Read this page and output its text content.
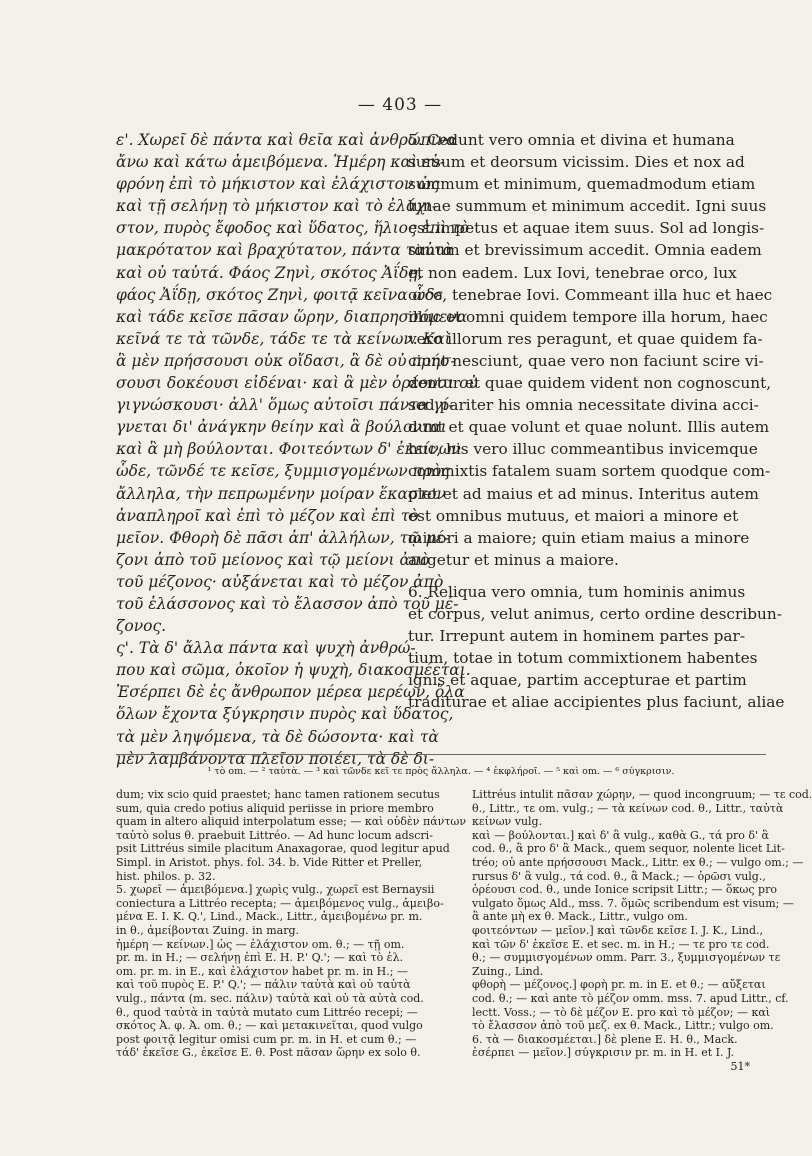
— 403 —
ε'. Χωρεῖ δὲ πάντα καὶ θεῖα καὶ ἀνθρώπινα
ἄνω καὶ κάτω ἀμειβόμενα. Ἡμέρη καὶ εὐ-
φρόνη ἐπὶ τὸ μήκιστον καὶ ἐλάχιστον ὡς
καὶ τῇ σελήνῃ τὸ μήκιστον καὶ τὸ ἐλάχι-
στον, πυρὸς ἔφοδος καὶ ὕδατος, ἥλιος ἐπὶ τὸ
μακρότατον καὶ βραχύτατον, πάντα ταὐτὰ
καὶ οὐ ταὐτά. Φάος Ζηνὶ, σκότος Ἀΐδῃ,
φάος Ἀΐδῃ, σκότος Ζηνὶ, φοιτᾷ κεῖνα ὧδε
καὶ τάδε κεῖσε πᾶσαν ὥρην, διαπρησσόμενα
κεῖνά τε τὰ τῶνδε, τάδε τε τὰ κείνων. Καὶ
ἃ μὲν πρήσσουσι οὐκ οἴδασι, ἃ δὲ οὐ πρήσ-
σουσι δοκέουσι εἰδέναι· καὶ ἃ μὲν ὁρέουσι οὐ
γιγνώσκουσι· ἀλλ' ὅμως αὐτοῖσι πάντα γί-
γνεται δι' ἀνάγκην θείην καὶ ἃ βούλονται
καὶ ἃ μὴ βούλονται. Φοιτεόντων δ' ἐκείνων
ὧδε, τῶνδέ τε κεῖσε, ξυμμισγομένων πρὸς
ἄλληλα, τὴν πεπρωμένην μοίραν ἕκαστον
ἀναπληροῖ καὶ ἐπὶ τὸ μέζον καὶ ἐπὶ τὸ
μεῖον. Φθορὴ δὲ πᾶσι ἀπ' ἀλλήλων, τῷ μέ-
ζονι ἀπὸ τοῦ μείονος καὶ τῷ μείονι ἀπὸ
τοῦ μέζονος· αὐξάνεται καὶ τὸ μέζον ἀπὸ
τοῦ ἐλάσσονος καὶ τὸ ἔλασσον ἀπὸ τοῦ μέ-
ζονος.
ς'. Τὰ δ' ἄλλα πάντα καὶ ψυχὴ ἀνθρώ-
που καὶ σῶμα, ὁκοῖον ἡ ψυχὴ, διακοσμέεται.
Ἐσέρπει δὲ ἐς ἄνθρωπον μέρεα μερέων, ὅλα
ὅλων ἔχοντα ξύγκρησιν πυρὸς καὶ ὕδατος,
τὰ μὲν ληψόμενα, τὰ δὲ δώσοντα· καὶ τὰ
μὲν λαμβάνοντα πλεῖον ποιέει, τὰ δὲ δι-
5. Cedunt vero omnia et divina et humana
sursum et deorsum vicissim. Dies et nox ad
summum et minimum, quemadmodum etiam
lunae summum et minimum accedit. Igni suus
est impetus et aquae item suus. Sol ad longis-
simum et brevissimum accedit. Omnia eadem
et non eadem. Lux Iovi, tenebrae orco, lux
orco, tenebrae Iovi. Commeant illa huc et haec
illuc et omni quidem tempore illa horum, haec
vero illorum res peragunt, et quae quidem fa-
ciunt nesciunt, quae vero non faciunt scire vi-
dentur et quae quidem vident non cognoscunt,
sed pariter his omnia necessitate divina acci-
dunt et quae volunt et quae nolunt. Illis autem
huc, his vero illuc commeantibus invicemque
commixtis fatalem suam sortem quodque com-
plet et ad maius et ad minus. Interitus autem
est omnibus mutuus, et maiori a minore et
minori a maiore; quin etiam maius a minore
augetur et minus a maiore.
6. Reliqua vero omnia, tum hominis animus
et corpus, velut animus, certo ordine describun-
tur. Irrepunt autem in hominem partes par-
tium, totae in totum commixtionem habentes
ignis et aquae, partim accepturae et partim
traditurae et aliae accipientes plus faciunt, aliae
¹ τὸ om. — ² ταὐτὰ. — ³ καὶ τῶνδε κεῖ τε πρὸς ἄλληλα. — ⁴ ἐκφλήροῖ. — ⁵ καὶ om. — ⁶ σύγκρισιν.
dum; vix scio quid praestet; hanc tamen rationem secutus
sum, quia credo potius aliquid periisse in priore membro
quam in altero aliquid interpolatum esse; — καὶ οὐδὲν πάντων
ταὐτὸ solus θ. praebuit Littréo. — Ad hunc locum adscri-
psit Littréus simile placitum Anaxagorae, quod legitur apud
Simpl. in Aristot. phys. fol. 34. b. Vide Ritter et Preller,
hist. philos. p. 32.
5. χωρεῖ — ἀμειβόμενα.] χωρὶς vulg., χωρεῖ est Bernaysii
coniectura a Littréo recepta; — ἀμειβόμενος vulg., ἀμειβο-
μένα E. I. K. Q.', Lind., Mack., Littr., ἀμειβομένω pr. m.
in θ., ἀμείβονται Zuing. in marg.
ἡμέρη — κείνων.] ὡς — ἐλάχιστον om. θ.; — τῇ om.
pr. m. in H.; — σελήνῃ ἐπὶ E. H. P.' Q.'; — καὶ τὸ ἐλ.
om. pr. m. in E., καὶ ἐλάχιστον habet pr. m. in H.; —
καὶ τοῦ πυρὸς E. P.' Q.'; — πάλιν ταὐτὰ καὶ οὐ ταὐτὰ
vulg., πάντα (m. sec. πάλιν) ταὐτὰ καὶ οὐ τὰ αὐτὰ cod.
θ., quod ταὐτὰ in ταὐτὰ mutato cum Littréo recepi; —
σκότος Ἀ. φ. Ἀ. om. θ.; — καὶ μετακινεῖται, quod vulgo
post φοιτᾷ legitur omisi cum pr. m. in H. et cum θ.; —
τάδ' ἐκεῖσε G., ἐκεῖσε E. θ. Post πᾶσαν ὥρην ex solo θ.
Littréus intulit πᾶσαν χώρην, — quod incongruum; — τε cod.
θ., Littr., τε om. vulg.; — τὰ κείνων cod. θ., Littr., ταὐτὰ
κείνων vulg.
καὶ — βούλονται.] καὶ δ' ἃ vulg., καθὰ G., τά pro δ' ἃ
cod. θ., ἃ pro δ' ἃ Mack., quem sequor, nolente licet Lit-
tréo; οὐ ante πρήσσουσι Mack., Littr. ex θ.; — vulgo om.; —
rursus δ' ἃ vulg., τά cod. θ., ἃ Mack.; — ὁρῶσι vulg.,
ὁρέουσι cod. θ., unde Ionice scripsit Littr.; — ὅκως pro
vulgato ὅμως Ald., mss. 7. ὅμῶς scribendum est visum; —
ἃ ante μὴ ex θ. Mack., Littr., vulgo om.
φοιτεόντων — μεῖον.] καὶ τῶνδε κεῖσε I. J. K., Lind.,
καὶ τῶν δ' ἐκεῖσε E. et sec. m. in H.; — τε pro τε cod.
θ.; — συμμισγομένων omm. Parr. 3., ξυμμισγομένων τε
Zuing., Lind.
φθορὴ — μέζονος.] φορὴ pr. m. in E. et θ.; — αὔξεται
cod. θ.; — καὶ ante τὸ μέζον omm. mss. 7. apud Littr., cf.
lectt. Voss.; — τὸ δὲ μέζον E. pro καὶ τὸ μέζον; — καὶ
τὸ ἔλασσον ἀπὸ τοῦ μεζ. ex θ. Mack., Littr.; vulgo om.
6. τὰ — διακοσμέεται.] δὲ plene E. H. θ., Mack.
ἐσέρπει — μεῖον.] σύγκρισιν pr. m. in H. et I. J.
51*
